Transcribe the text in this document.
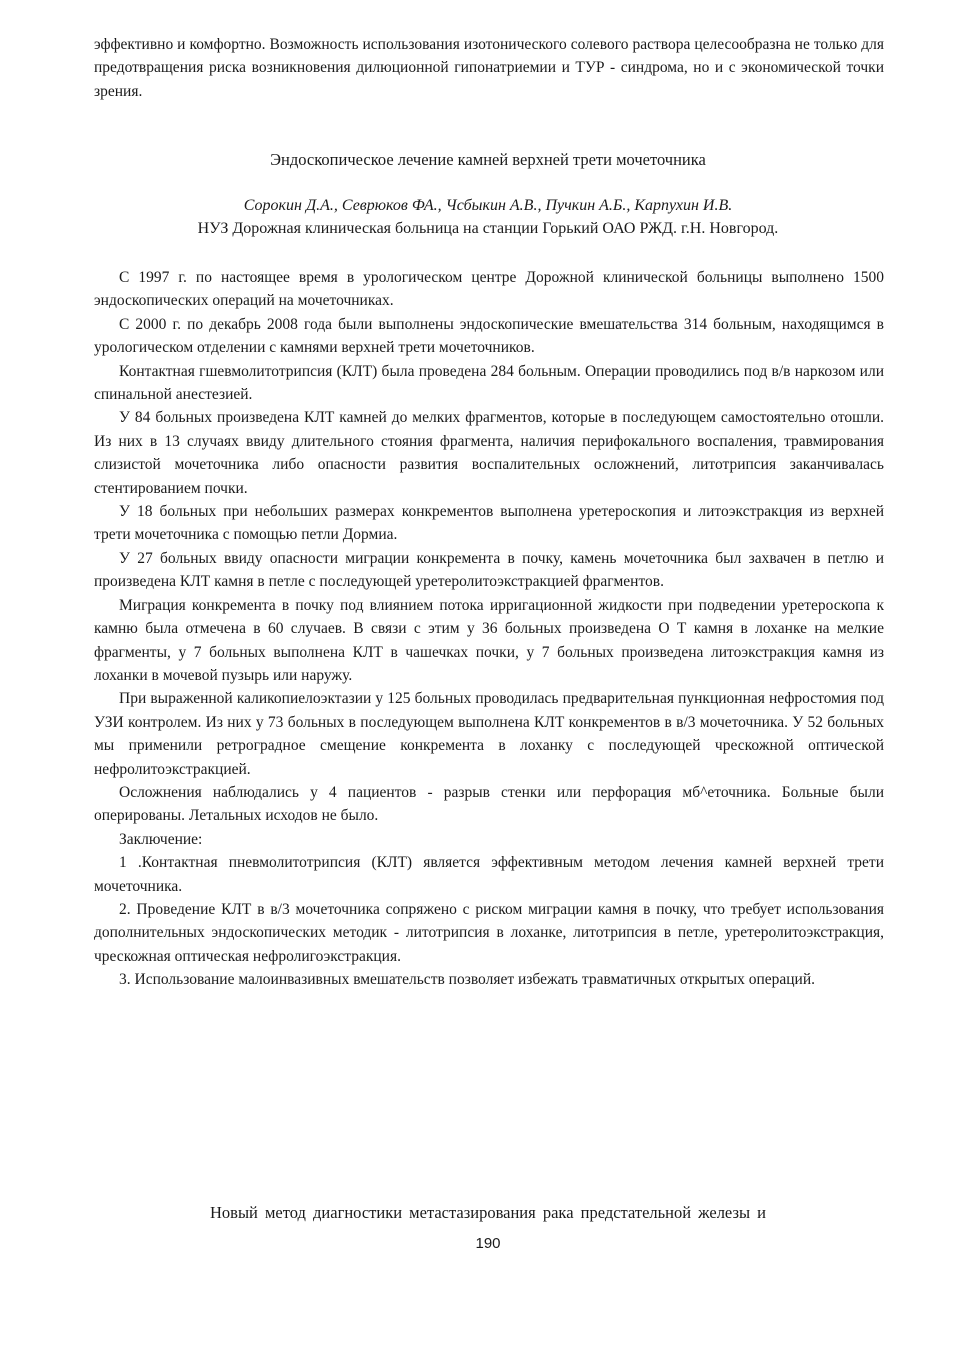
эффективно и комфортно. Возможность использования изотонического солевого раствора целесообразна не только для предотвращения риска возникновения дилюционной гипонатриемии и ТУР - синдрома, но и с экономической точки зрения.

Эндоскопическое лечение камней верхней трети мочеточника
Сорокин Д.А., Севрюков ФА., Чсбыкин А.В., Пучкин А.Б., Карпухин И.В.
НУЗ Дорожная клиническая больница на станции Горький ОАО РЖД. г.Н. Новгород.

С 1997 г. по настоящее время в урологическом центре Дорожной клинической больницы выполнено 1500 эндоскопических операций на мочеточниках.

С 2000 г. по декабрь 2008 года были выполнены эндоскопические вмешательства 314 больным, находящимся в урологическом отделении с камнями верхней трети мочеточников.

Контактная гшевмолитотрипсия (КЛТ) была проведена 284 больным. Операции проводились под в/в наркозом или спинальной анестезией.

У 84 больных произведена КЛТ камней до мелких фрагментов, которые в последующем самостоятельно отошли. Из них в 13 случаях ввиду длительного стояния фрагмента, наличия перифокального воспаления, травмирования слизистой мочеточника либо опасности развития воспалительных осложнений, литотрипсия заканчивалась стентированием почки.

У 18 больных при небольших размерах конкрементов выполнена уретероскопия и литоэкстракция из верхней трети мочеточника с помощью петли Дормиа.

У 27 больных ввиду опасности миграции конкремента в почку, камень мочеточника был захвачен в петлю и произведена КЛТ камня в петле с последующей уретеролитоэкстракцией фрагментов.

Миграция конкремента в почку под влиянием потока ирригационной жидкости при подведении уретероскопа к камню была отмечена в 60 случаев. В связи с этим у 36 больных произведена О Т камня в лоханке на мелкие фрагменты, у 7 больных выполнена КЛТ в чашечках почки, у 7 больных произведена литоэкстракция камня из лоханки в мочевой пузырь или наружу.

При выраженной каликопиелоэктазии у 125 больных проводилась предварительная пункционная нефростомия под УЗИ контролем. Из них у 73 больных в последующем выполнена КЛТ конкрементов в в/3 мочеточника. У 52 больных мы применили ретроградное смещение конкремента в лоханку с последующей чрескожной оптической нефролитоэкстракцией.

Осложнения наблюдались у 4 пациентов - разрыв стенки или перфорация мб^еточника. Больные были оперированы. Летальных исходов не было.

Заключение:

1 .Контактная пневмолитотрипсия (КЛТ) является эффективным методом лечения камней верхней трети мочеточника.

2. Проведение КЛТ в в/3 мочеточника сопряжено с риском миграции камня в почку, что требует использования дополнительных эндоскопических методик - литотрипсия в лоханке, литотрипсия в петле, уретеролитоэкстракция, чрескожная оптическая нефролигоэкстракция.

3. Использование малоинвазивных вмешательств позволяет избежать травматичных открытых операций.

Новый метод диагностики метастазирования рака предстательной железы и
190
